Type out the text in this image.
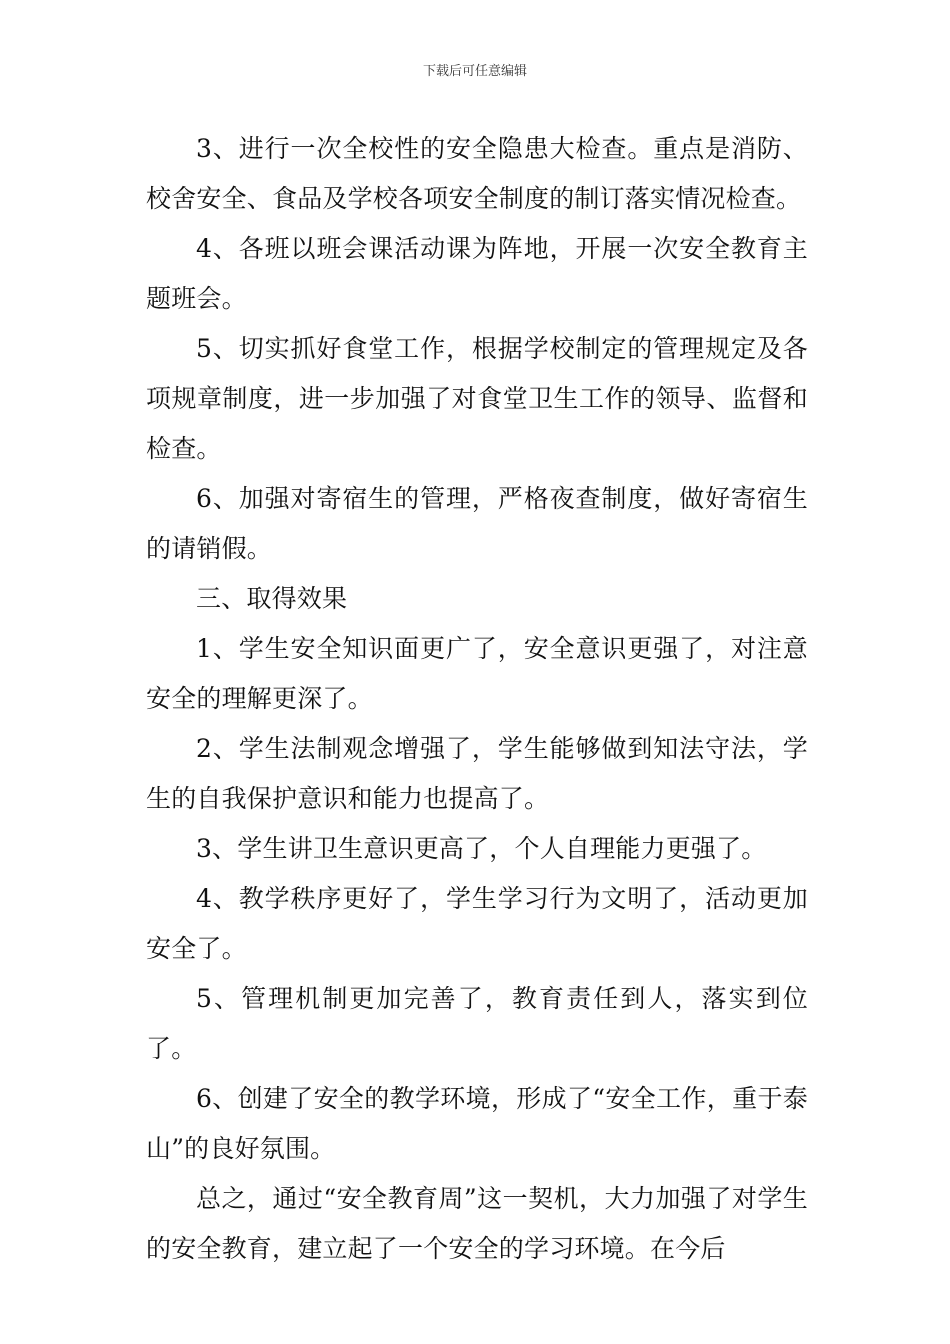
下载后可任意编辑

3、进行一次全校性的安全隐患大检查。重点是消防、校舍安全、食品及学校各项安全制度的制订落实情况检查。

4、各班以班会课活动课为阵地，开展一次安全教育主题班会。

5、切实抓好食堂工作，根据学校制定的管理规定及各项规章制度，进一步加强了对食堂卫生工作的领导、监督和检查。

6、加强对寄宿生的管理，严格夜查制度，做好寄宿生的请销假。

三、取得效果

1、学生安全知识面更广了，安全意识更强了，对注意安全的理解更深了。

2、学生法制观念增强了，学生能够做到知法守法，学生的自我保护意识和能力也提高了。

3、学生讲卫生意识更高了，个人自理能力更强了。

4、教学秩序更好了，学生学习行为文明了，活动更加安全了。

5、管理机制更加完善了，教育责任到人，落实到位了。

6、创建了安全的教学环境，形成了“安全工作，重于泰山”的良好氛围。

总之，通过“安全教育周”这一契机，大力加强了对学生的安全教育，建立起了一个安全的学习环境。在今后
